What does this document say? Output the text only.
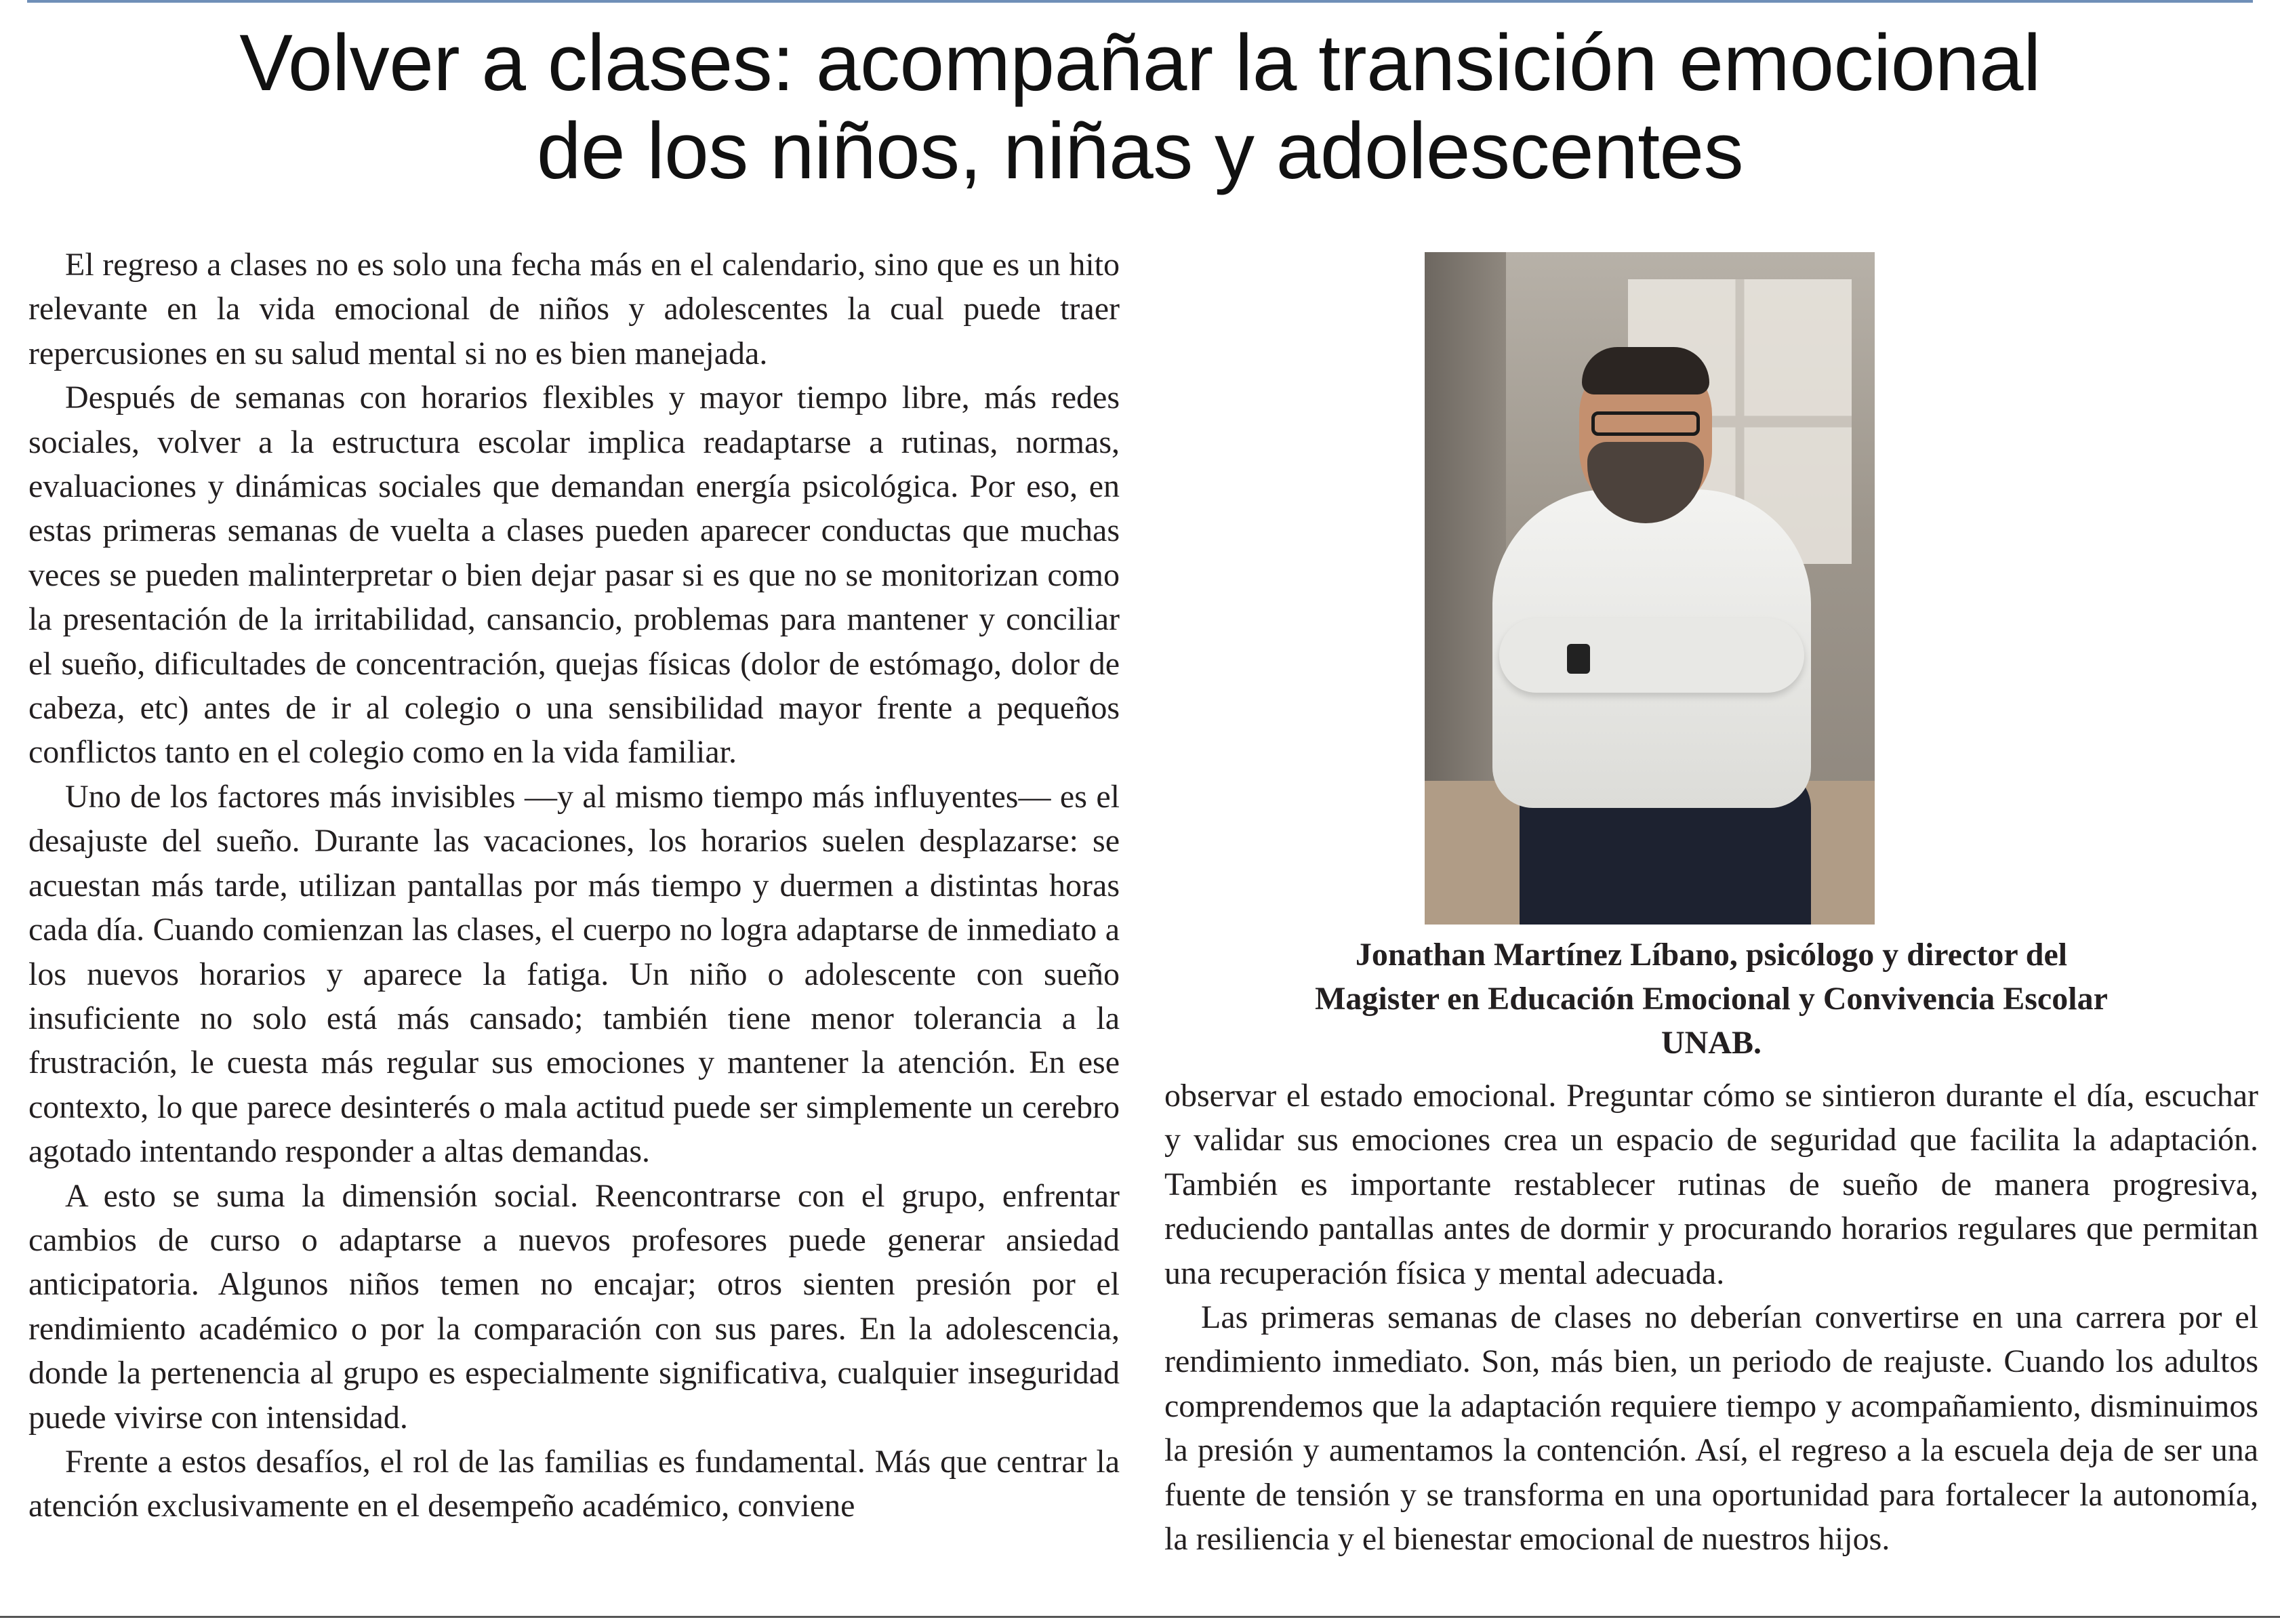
Volver a clases: acompañar la transición emocional
de los niños, niñas y adolescentes

El regreso a clases no es solo una fecha más en el calendario, sino que es un hito relevante en la vida emocional de niños y adolescentes la cual puede traer repercusiones en su salud mental si no es bien manejada.

Después de semanas con horarios flexibles y mayor tiempo libre, más redes sociales, volver a la estructura escolar implica readaptarse a rutinas, normas, evaluaciones y dinámicas sociales que demandan energía psicológica. Por eso, en estas primeras semanas de vuelta a clases pueden aparecer conductas que muchas veces se pueden malinterpretar o bien dejar pasar si es que no se monitorizan como la presentación de la irritabilidad, cansancio, problemas para mantener y conciliar el sueño, dificultades de concentración, quejas físicas (dolor de estómago, dolor de cabeza, etc) antes de ir al colegio o una sensibilidad mayor frente a pequeños conflictos tanto en el colegio como en la vida familiar.

Uno de los factores más invisibles —y al mismo tiempo más influyentes— es el desajuste del sueño. Durante las vacaciones, los horarios suelen desplazarse: se acuestan más tarde, utilizan pantallas por más tiempo y duermen a distintas horas cada día. Cuando comienzan las clases, el cuerpo no logra adaptarse de inmediato a los nuevos horarios y aparece la fatiga. Un niño o adolescente con sueño insuficiente no solo está más cansado; también tiene menor tolerancia a la frustración, le cuesta más regular sus emociones y mantener la atención. En ese contexto, lo que parece desinterés o mala actitud puede ser simplemente un cerebro agotado intentando responder a altas demandas.

A esto se suma la dimensión social. Reencontrarse con el grupo, enfrentar cambios de curso o adaptarse a nuevos profesores puede generar ansiedad anticipatoria. Algunos niños temen no encajar; otros sienten presión por el rendimiento académico o por la comparación con sus pares. En la adolescencia, donde la pertenencia al grupo es especialmente significativa, cualquier inseguridad puede vivirse con intensidad.

Frente a estos desafíos, el rol de las familias es fundamental. Más que centrar la atención exclusivamente en el desempeño académico, conviene

Jonathan Martínez Líbano, psicólogo y director del
Magister en Educación Emocional y Convivencia Escolar
UNAB.

observar el estado emocional. Preguntar cómo se sintieron durante el día, escuchar y validar sus emociones crea un espacio de seguridad que facilita la adaptación. También es importante restablecer rutinas de sueño de manera progresiva, reduciendo pantallas antes de dormir y procurando horarios regulares que permitan una recuperación física y mental adecuada.

Las primeras semanas de clases no deberían convertirse en una carrera por el rendimiento inmediato. Son, más bien, un periodo de reajuste. Cuando los adultos comprendemos que la adaptación requiere tiempo y acompañamiento, disminuimos la presión y aumentamos la contención. Así, el regreso a la escuela deja de ser una fuente de tensión y se transforma en una oportunidad para fortalecer la autonomía, la resiliencia y el bienestar emocional de nuestros hijos.
